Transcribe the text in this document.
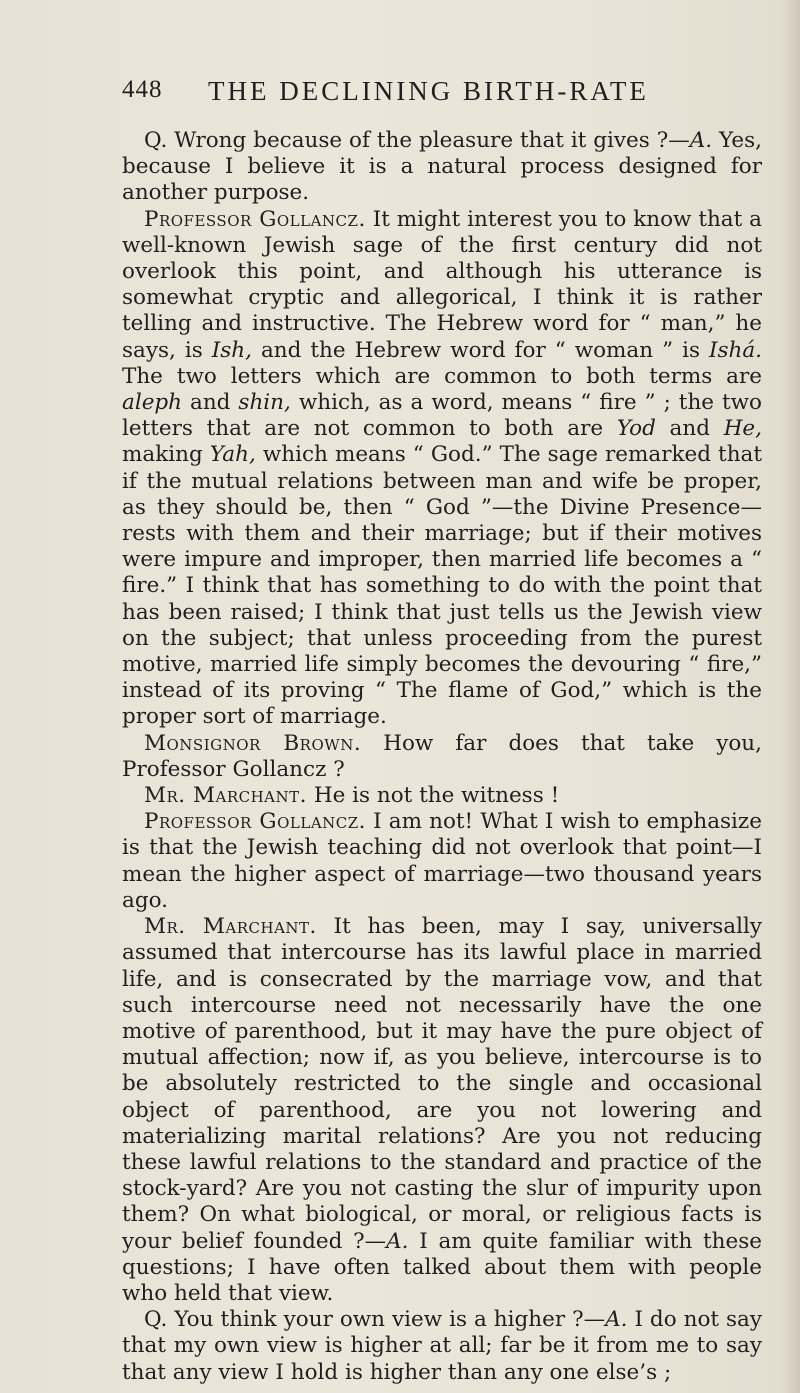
448 THE DECLINING BIRTH-RATE

Q. Wrong because of the pleasure that it gives ?—A. Yes, because I believe it is a natural process designed for another purpose.

Professor Gollancz. It might interest you to know that a well-known Jewish sage of the first century did not overlook this point, and although his utterance is somewhat cryptic and allegorical, I think it is rather telling and instructive. The Hebrew word for “ man,” he says, is Ish, and the Hebrew word for “ woman ” is Ishá. The two letters which are common to both terms are aleph and shin, which, as a word, means “ fire ” ; the two letters that are not common to both are Yod and He, making Yah, which means “ God.” The sage remarked that if the mutual relations between man and wife be proper, as they should be, then “ God ”—the Divine Presence—rests with them and their marriage; but if their motives were impure and improper, then married life becomes a “ fire.” I think that has something to do with the point that has been raised; I think that just tells us the Jewish view on the subject; that unless proceeding from the purest motive, married life simply becomes the devouring “ fire,” instead of its proving “ The flame of God,” which is the proper sort of marriage.

Monsignor Brown. How far does that take you, Professor Gollancz ?

Mr. Marchant. He is not the witness !

Professor Gollancz. I am not! What I wish to emphasize is that the Jewish teaching did not overlook that point—I mean the higher aspect of marriage—two thousand years ago.

Mr. Marchant. It has been, may I say, universally assumed that intercourse has its lawful place in married life, and is consecrated by the marriage vow, and that such intercourse need not necessarily have the one motive of parenthood, but it may have the pure object of mutual affection; now if, as you believe, intercourse is to be absolutely restricted to the single and occasional object of parenthood, are you not lowering and materializing marital relations? Are you not reducing these lawful relations to the standard and practice of the stock-yard? Are you not casting the slur of impurity upon them? On what biological, or moral, or religious facts is your belief founded ?—A. I am quite familiar with these questions; I have often talked about them with people who held that view.

Q. You think your own view is a higher ?—A. I do not say that my own view is higher at all; far be it from me to say that any view I hold is higher than any one else’s ;
